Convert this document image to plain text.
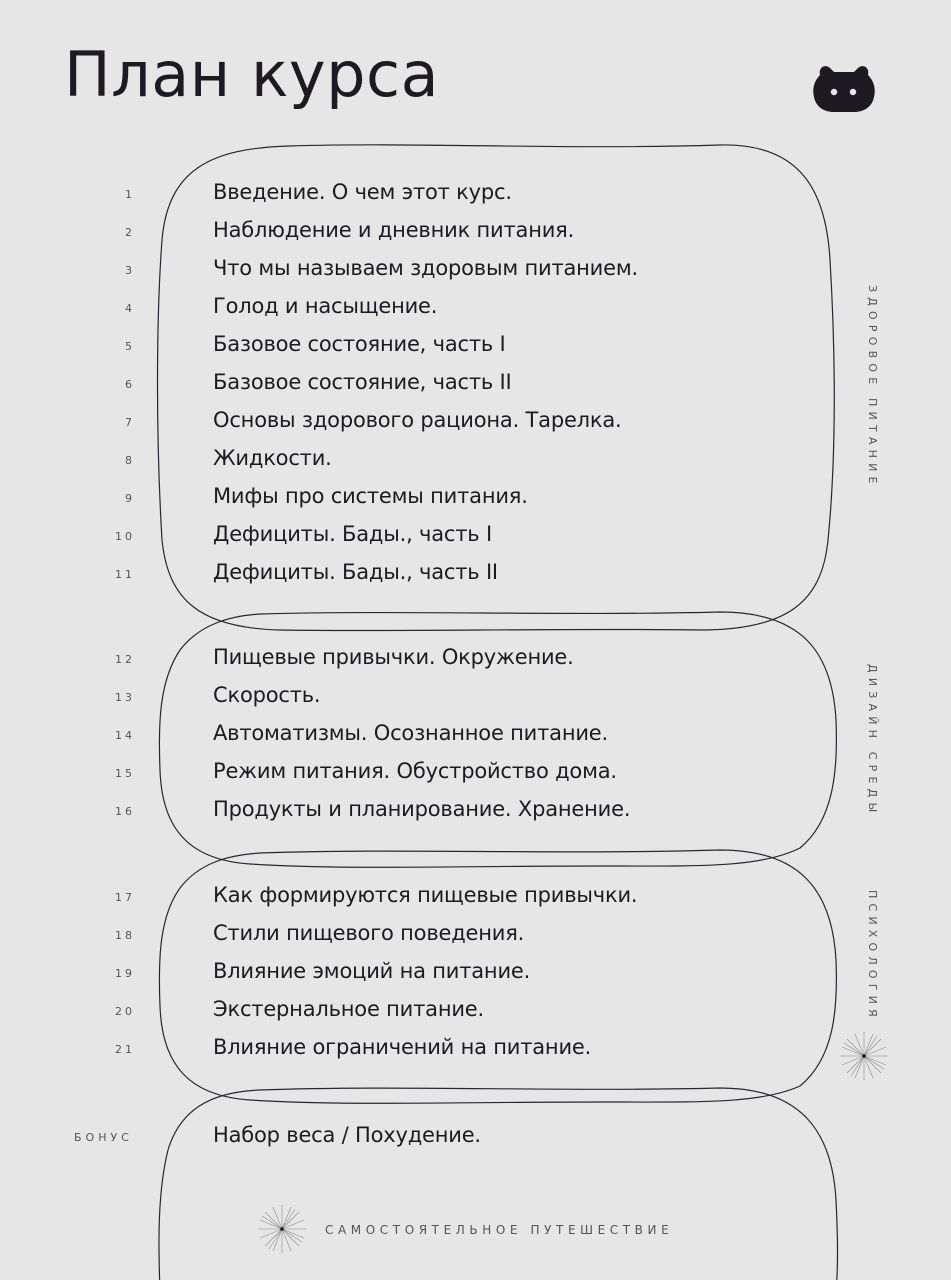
План курса
1	Введение. О чем этот курс.
2	Наблюдение и дневник питания.
3	Что мы называем здоровым питанием.
4	Голод и насыщение.
5	Базовое состояние, часть I
6	Базовое состояние, часть II
7	Основы здорового рациона. Тарелка.
8	Жидкости.
9	Мифы про системы питания.
10	Дефициты. Бады., часть I
11	Дефициты. Бады., часть II
ЗДОРОВОЕ ПИТАНИЕ
12	Пищевые привычки. Окружение.
13	Скорость.
14	Автоматизмы. Осознанное питание.
15	Режим питания. Обустройство дома.
16	Продукты и планирование. Хранение.	ДИЗАЙН СРЕДЫ
17	Как формируются пищевые привычки.
18	Стили пищевого поведения.
19	Влияние эмоций на питание.
20	Экстернальное питание.
21	Влияние ограничений на питание.
ПСИХОЛОГИЯ
БОНУС	Набор веса / Похудение.
САМОСТОЯТЕЛЬНОЕ ПУТЕШЕСТВИЕ
